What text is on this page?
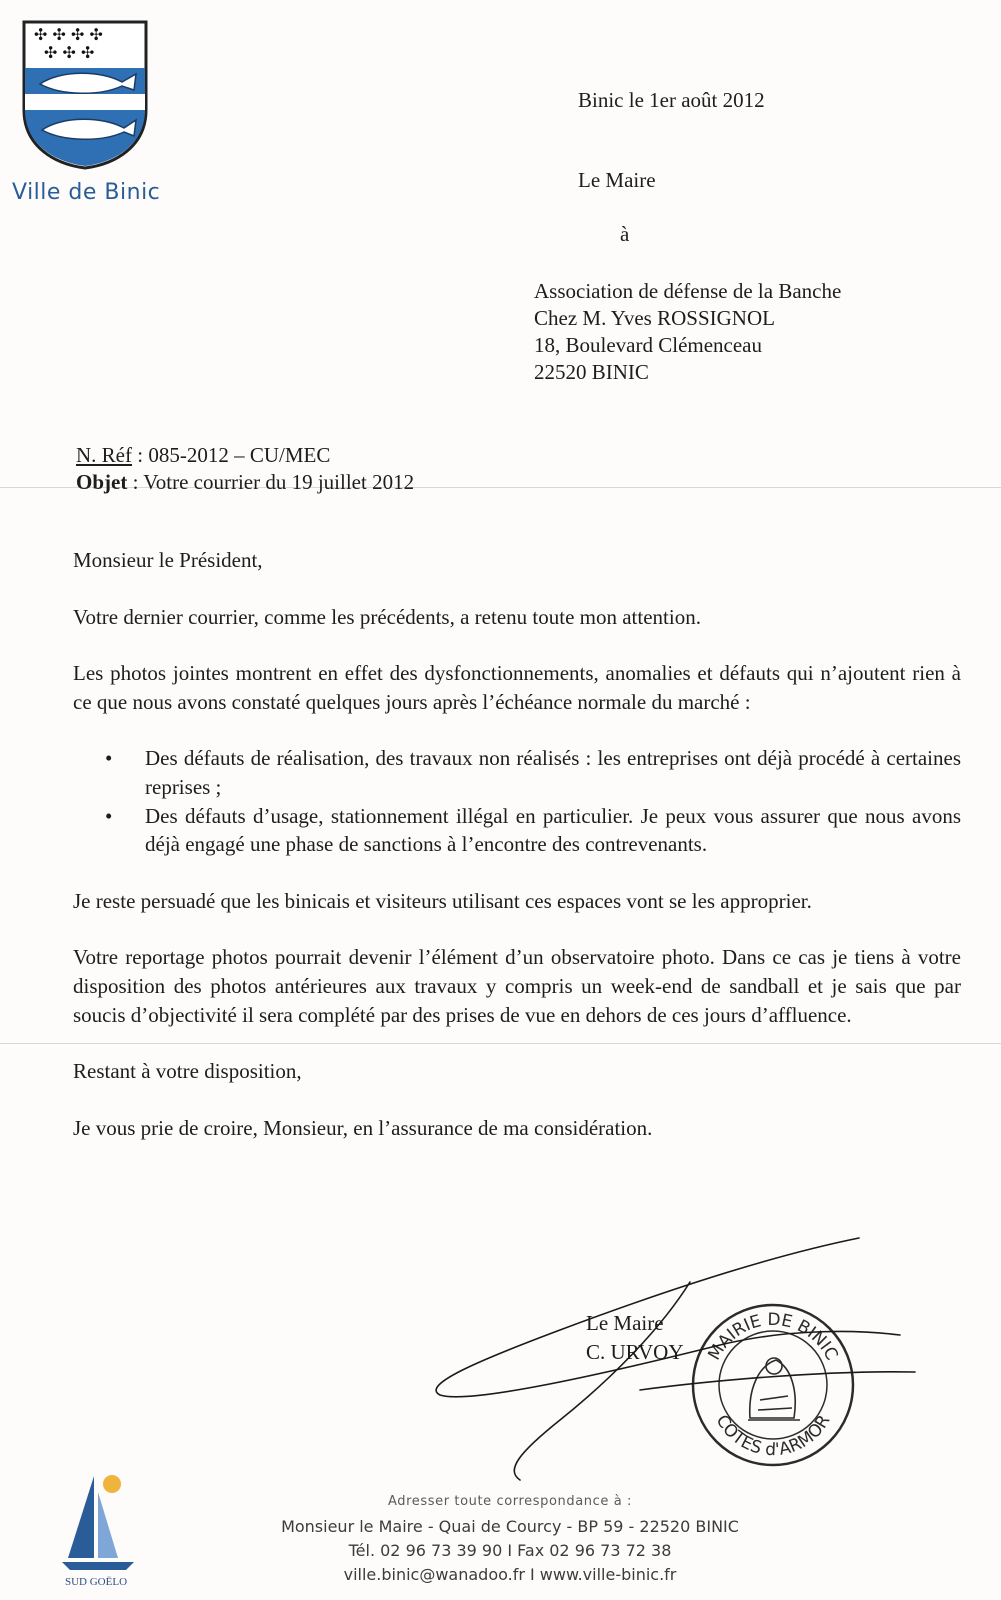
✣ ✣ ✣ ✣
✣ ✣ ✣
Ville de Binic
Binic le 1er août 2012
Le Maire
à
Association de défense de la Banche
Chez M. Yves ROSSIGNOL
18, Boulevard Clémenceau
22520 BINIC
N. Réf : 085-2012 – CU/MEC
Objet : Votre courrier du 19 juillet 2012

Monsieur le Président,

Votre dernier courrier, comme les précédents, a retenu toute mon attention.

Les photos jointes montrent en effet des dysfonctionnements, anomalies et défauts qui n’ajoutent rien à ce que nous avons constaté quelques jours après l’échéance normale du marché :

• Des défauts de réalisation, des travaux non réalisés : les entreprises ont déjà procédé à certaines reprises ;
• Des défauts d’usage, stationnement illégal en particulier. Je peux vous assurer que nous avons déjà engagé une phase de sanctions à l’encontre des contrevenants.

Je reste persuadé que les binicais et visiteurs utilisant ces espaces vont se les approprier.

Votre reportage photos pourrait devenir l’élément d’un observatoire photo. Dans ce cas je tiens à votre disposition des photos antérieures aux travaux y compris un week-end de sandball et je sais que par soucis d’objectivité il sera complété par des prises de vue en dehors de ces jours d’affluence.

Restant à votre disposition,

Je vous prie de croire, Monsieur, en l’assurance de ma considération.

Le Maire
C. URVOY MAIRIE DE BINIC
COTES d'ARMOR
SUD GOËLO
Adresser toute correspondance à :
Monsieur le Maire - Quai de Courcy - BP 59 - 22520 BINIC
Tél. 02 96 73 39 90 I Fax 02 96 73 72 38
ville.binic@wanadoo.fr I www.ville-binic.fr
